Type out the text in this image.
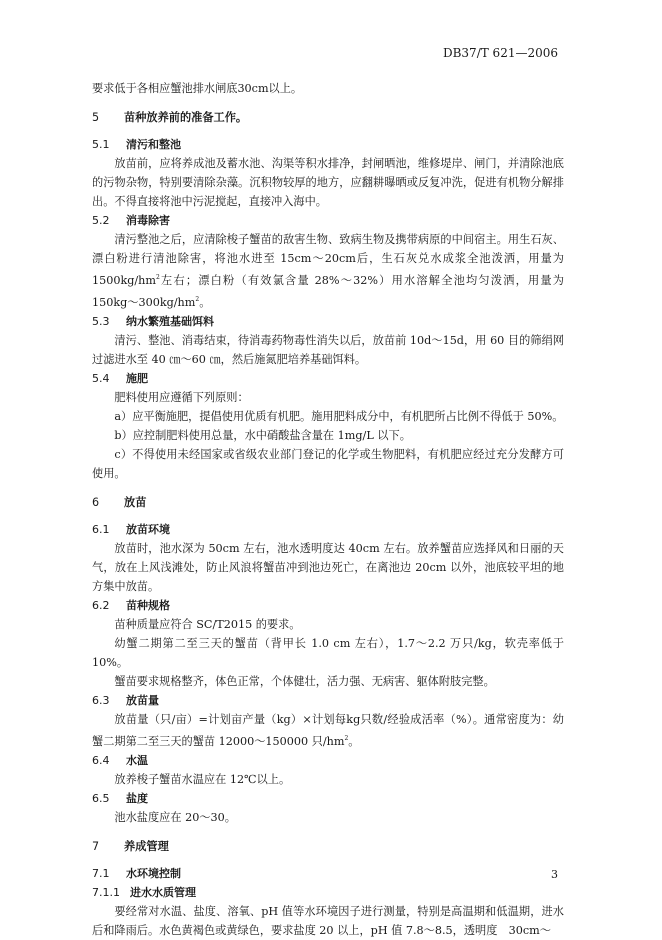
DB37/T 621—2006

要求低于各相应蟹池排水闸底30cm以上。

5 苗种放养前的准备工作。
5.1 清污和整池

放苗前，应将养成池及蓄水池、沟渠等积水排净，封闸晒池，维修堤岸、闸门，并清除池底的污物杂物，特别要清除杂藻。沉积物较厚的地方，应翻耕曝晒或反复冲洗，促进有机物分解排出。不得直接将池中污泥搅起，直接冲入海中。

5.2 消毒除害

清污整池之后，应清除梭子蟹苗的敌害生物、致病生物及携带病原的中间宿主。用生石灰、漂白粉进行清池除害，将池水进至 15cm～20cm后，生石灰兑水成浆全池泼洒，用量为$1500kg/hm^2$左右；漂白粉（有效氯含量 28%～32%）用水溶解全池均匀泼洒，用量为 $150kg\sim 300kg/hm^2$。

5.3 纳水繁殖基础饵料

清污、整池、消毒结束，待消毒药物毒性消失以后，放苗前 10d～15d，用 60 目的筛绢网过滤进水至 40 ㎝～60 ㎝，然后施氮肥培养基础饵料。

5.4 施肥

肥料使用应遵循下列原则：

a）应平衡施肥，提倡使用优质有机肥。施用肥料成分中，有机肥所占比例不得低于 50%。

b）应控制肥料使用总量，水中硝酸盐含量在 1mg/L 以下。

c）不得使用未经国家或省级农业部门登记的化学或生物肥料，有机肥应经过充分发酵方可使用。

6 放苗
6.1 放苗环境

放苗时，池水深为 50cm 左右，池水透明度达 40cm 左右。放养蟹苗应选择风和日丽的天气，放在上风浅滩处，防止风浪将蟹苗冲到池边死亡，在离池边 20cm 以外，池底较平坦的地方集中放苗。

6.2 苗种规格

苗种质量应符合 SC/T2015 的要求。

幼蟹二期第二至三天的蟹苗（背甲长 1.0 cm 左右），1.7～2.2 万只/kg，软壳率低于 10%。

蟹苗要求规格整齐，体色正常，个体健壮，活力强、无病害、躯体附肢完整。

6.3 放苗量

放苗量（只/亩）=计划亩产量（kg）×计划每kg只数/经验成活率（%）。通常密度为：幼蟹二期第二至三天的蟹苗 12000～150000 只$/hm^2$。

6.4 水温

放养梭子蟹苗水温应在 12℃以上。

6.5 盐度

池水盐度应在 20～30。

7 养成管理
7.1 水环境控制
7.1.1 进水水质管理

要经常对水温、盐度、溶氧、pH 值等水环境因子进行测量，特别是高温期和低温期，进水后和降雨后。水色黄褐色或黄绿色，要求盐度 20 以上，pH 值 7.8～8.5，透明度　30cm～

3
